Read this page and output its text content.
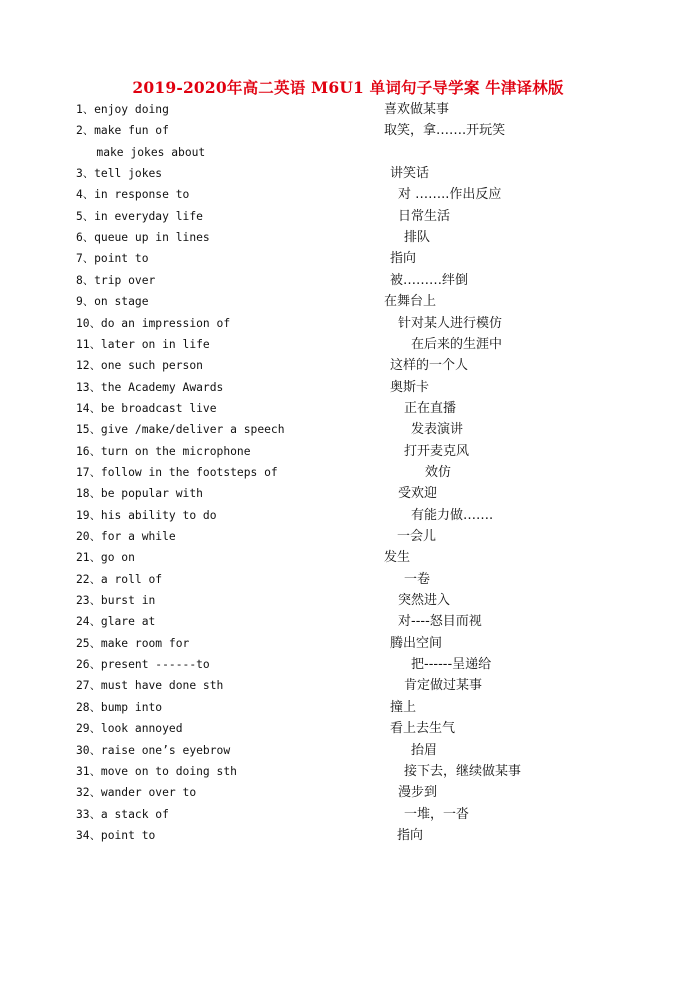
2019-2020年高二英语 M6U1 单词句子导学案 牛津译林版
1、enjoy doing	喜欢做某事
2、make fun of	取笑，拿…….开玩笑
make jokes about
3、tell jokes	讲笑话
4、in response to	对 ……..作出反应
5、in everyday life	日常生活
6、queue up in lines	排队
7、point to	指向
8、trip over	被………绊倒
9、on stage	在舞台上
10、do an impression of	针对某人进行模仿
11、later on in life	在后来的生涯中
12、one such person	这样的一个人
13、the Academy Awards	奥斯卡
14、be broadcast live	正在直播
15、give /make/deliver a speech	发表演讲
16、turn on the microphone	打开麦克风
17、follow in the footsteps of	效仿
18、be popular with	受欢迎
19、his ability to do	有能力做…….
20、for a while	一会儿
21、go on	发生
22、a roll of	一卷
23、burst in	突然进入
24、glare at	对----怒目而视
25、make room for	腾出空间
26、present ------to	把------呈递给
27、must have done sth	肯定做过某事
28、bump into	撞上
29、look annoyed	看上去生气
30、raise one’s eyebrow	抬眉
31、move on to doing sth	接下去，继续做某事
32、wander over to	漫步到
33、a stack of	一堆，一沓
34、point to	指向
